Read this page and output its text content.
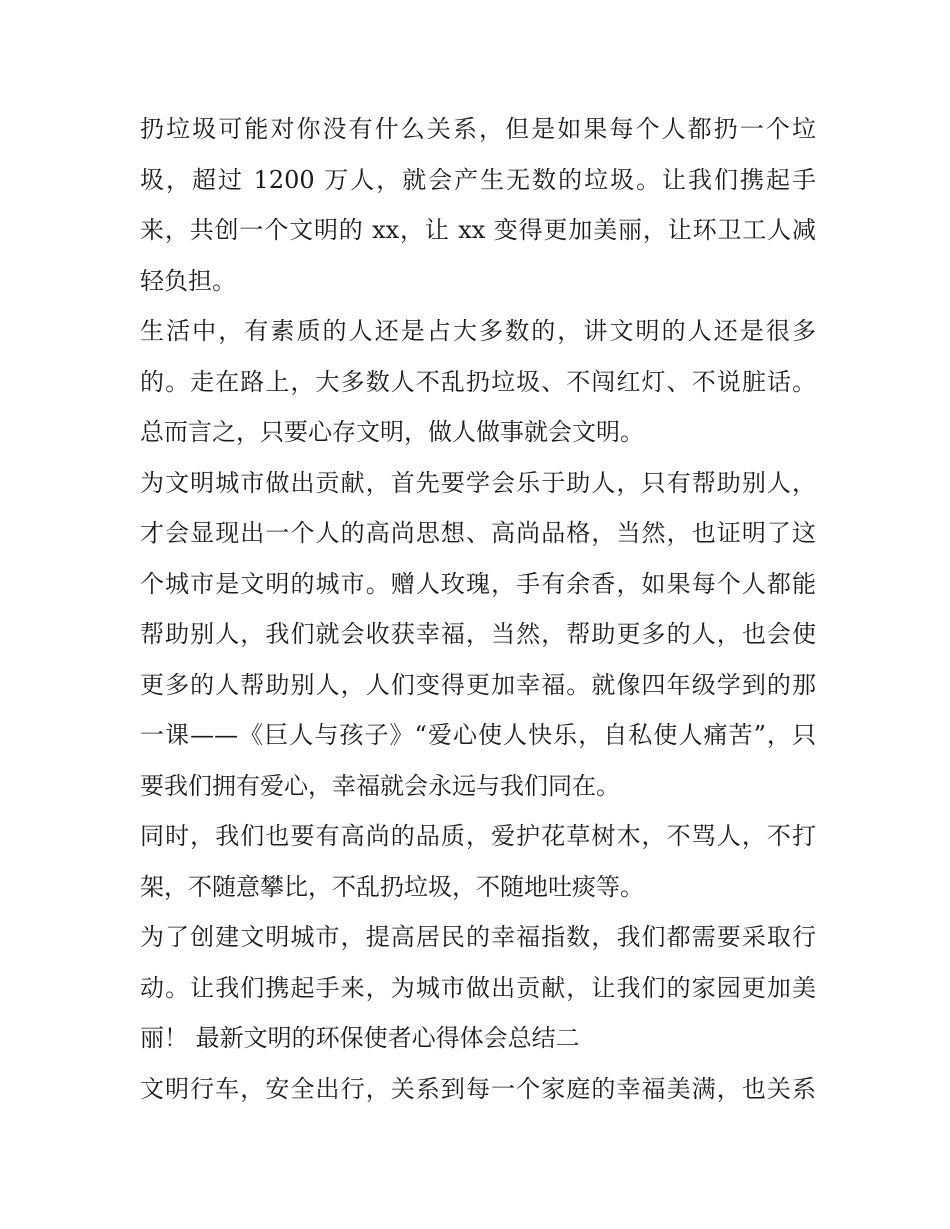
扔垃圾可能对你没有什么关系，但是如果每个人都扔一个垃
圾，超过 1200 万人，就会产生无数的垃圾。让我们携起手
来，共创一个文明的 xx，让 xx 变得更加美丽，让环卫工人减
轻负担。
生活中，有素质的人还是占大多数的，讲文明的人还是很多
的。走在路上，大多数人不乱扔垃圾、不闯红灯、不说脏话。
总而言之，只要心存文明，做人做事就会文明。
为文明城市做出贡献，首先要学会乐于助人，只有帮助别人，
才会显现出一个人的高尚思想、高尚品格，当然，也证明了这
个城市是文明的城市。赠人玫瑰，手有余香，如果每个人都能
帮助别人，我们就会收获幸福，当然，帮助更多的人，也会使
更多的人帮助别人，人们变得更加幸福。就像四年级学到的那
一课——《巨人与孩子》“爱心使人快乐，自私使人痛苦”，只
要我们拥有爱心，幸福就会永远与我们同在。
同时，我们也要有高尚的品质，爱护花草树木，不骂人，不打
架，不随意攀比，不乱扔垃圾，不随地吐痰等。
为了创建文明城市，提高居民的幸福指数，我们都需要采取行
动。让我们携起手来，为城市做出贡献，让我们的家园更加美
丽！ 最新文明的环保使者心得体会总结二
文明行车，安全出行，关系到每一个家庭的幸福美满，也关系
